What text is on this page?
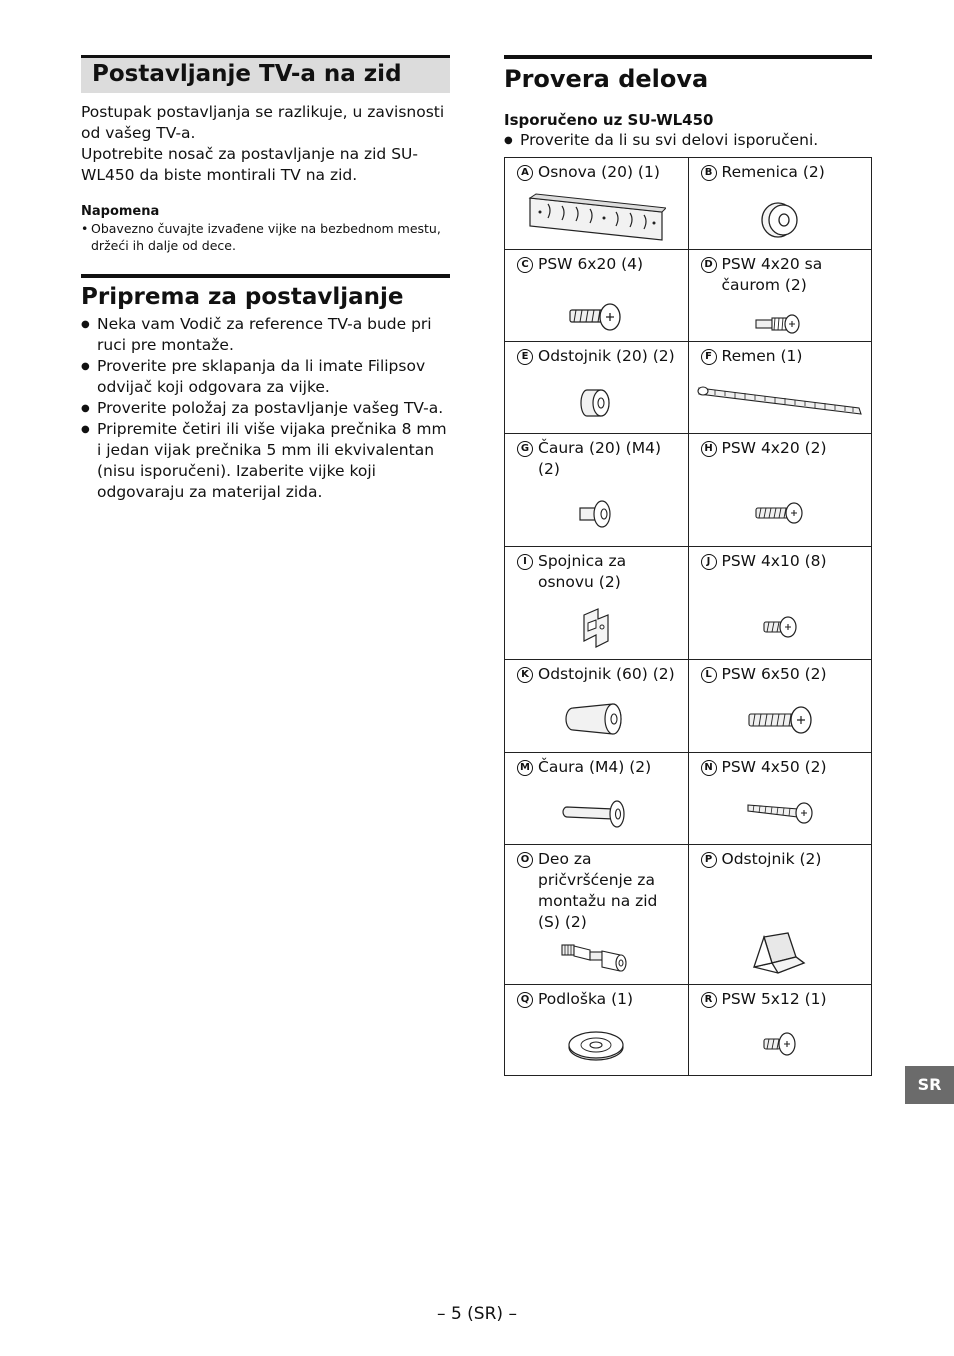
Postavljanje TV-a na zid

Postupak postavljanja se razlikuje, u zavisnosti od vašeg TV-a.

Upotrebite nosač za postavljanje na zid SU-WL450 da biste montirali TV na zid.

Napomena
• Obavezno čuvajte izvađene vijke na bezbednom mestu, držeći ih dalje od dece.
Priprema za postavljanje
● Neka vam Vodič za reference TV-a bude pri ruci pre montaže.
● Proverite pre sklapanja da li imate Filipsov odvijač koji odgovara za vijke.
● Proverite položaj za postavljanje vašeg TV-a.
● Pripremite četiri ili više vijaka prečnika 8 mm i jedan vijak prečnika 5 mm ili ekvivalentan (nisu isporučeni). Izaberite vijke koji odgovaraju za materijal zida.
Provera delova
Isporučeno uz SU-WL450
● Proverite da li su svi delovi isporučeni.
A Osnova (20) (1)	B Remenica (2)

C PSW 6x20 (4)	D PSW 4x20 sa čaurom (2)

E Odstojnik (20) (2)	F Remen (1)

G Čaura (20) (M4) (2)	H PSW 4x20 (2)

I Spojnica za osnovu (2)	J PSW 4x10 (8)

K Odstojnik (60) (2)	L PSW 6x50 (2)

M Čaura (M4) (2)	N PSW 4x50 (2)

O Deo za pričvršćenje za montažu na zid (S) (2)	P Odstojnik (2)

Q Podloška (1)	R PSW 5x12 (1)
SR
– 5 (SR) –
